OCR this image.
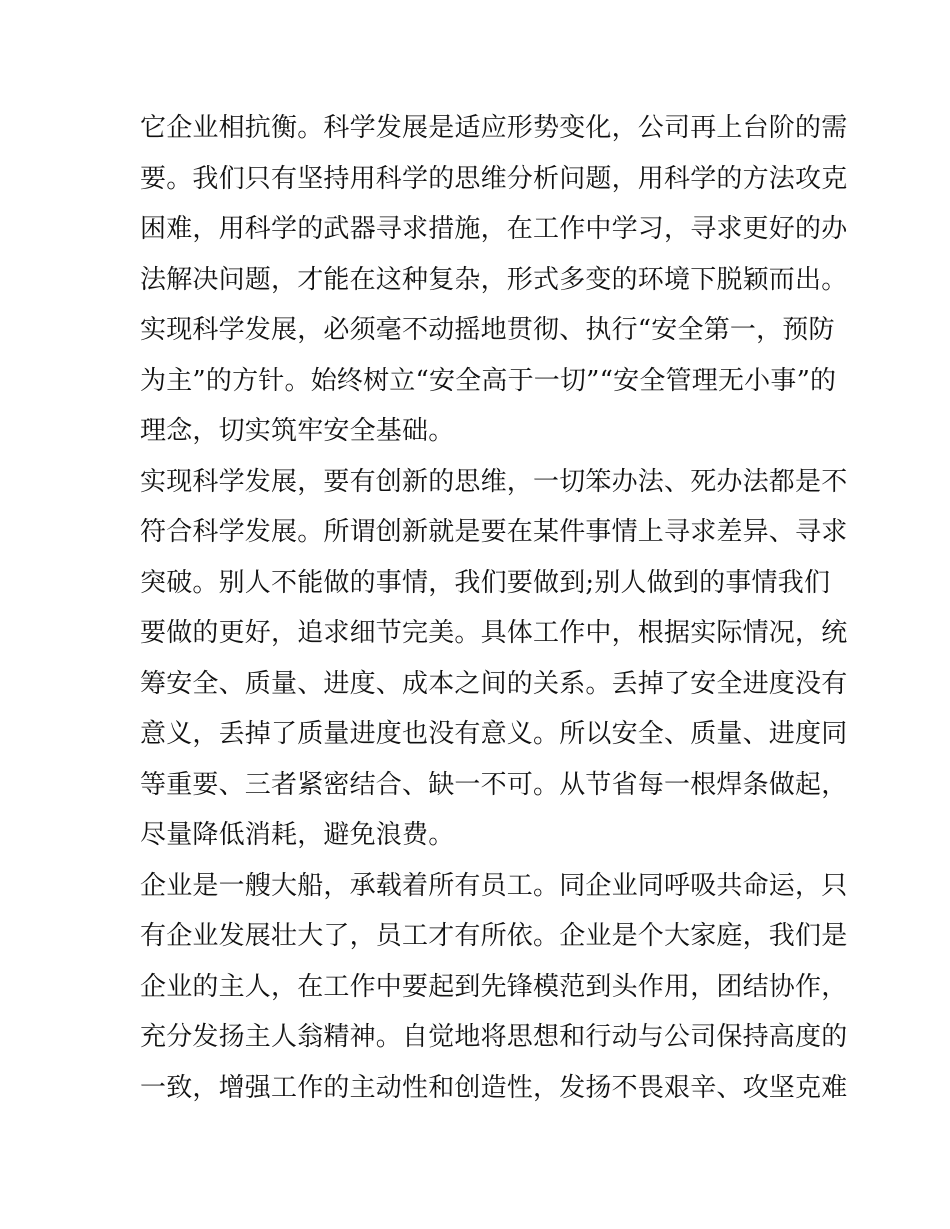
它企业相抗衡。科学发展是适应形势变化，公司再上台阶的需
要。我们只有坚持用科学的思维分析问题，用科学的方法攻克
困难，用科学的武器寻求措施，在工作中学习，寻求更好的办
法解决问题，才能在这种复杂，形式多变的环境下脱颖而出。
实现科学发展，必须毫不动摇地贯彻、执行“安全第一，预防
为主”的方针。始终树立“安全高于一切”“安全管理无小事”的
理念，切实筑牢安全基础。
实现科学发展，要有创新的思维，一切笨办法、死办法都是不
符合科学发展。所谓创新就是要在某件事情上寻求差异、寻求
突破。别人不能做的事情，我们要做到;别人做到的事情我们
要做的更好，追求细节完美。具体工作中，根据实际情况，统
筹安全、质量、进度、成本之间的关系。丢掉了安全进度没有
意义，丢掉了质量进度也没有意义。所以安全、质量、进度同
等重要、三者紧密结合、缺一不可。从节省每一根焊条做起，
尽量降低消耗，避免浪费。
企业是一艘大船，承载着所有员工。同企业同呼吸共命运，只
有企业发展壮大了，员工才有所依。企业是个大家庭，我们是
企业的主人，在工作中要起到先锋模范到头作用，团结协作，
充分发扬主人翁精神。自觉地将思想和行动与公司保持高度的
一致，增强工作的主动性和创造性，发扬不畏艰辛、攻坚克难
